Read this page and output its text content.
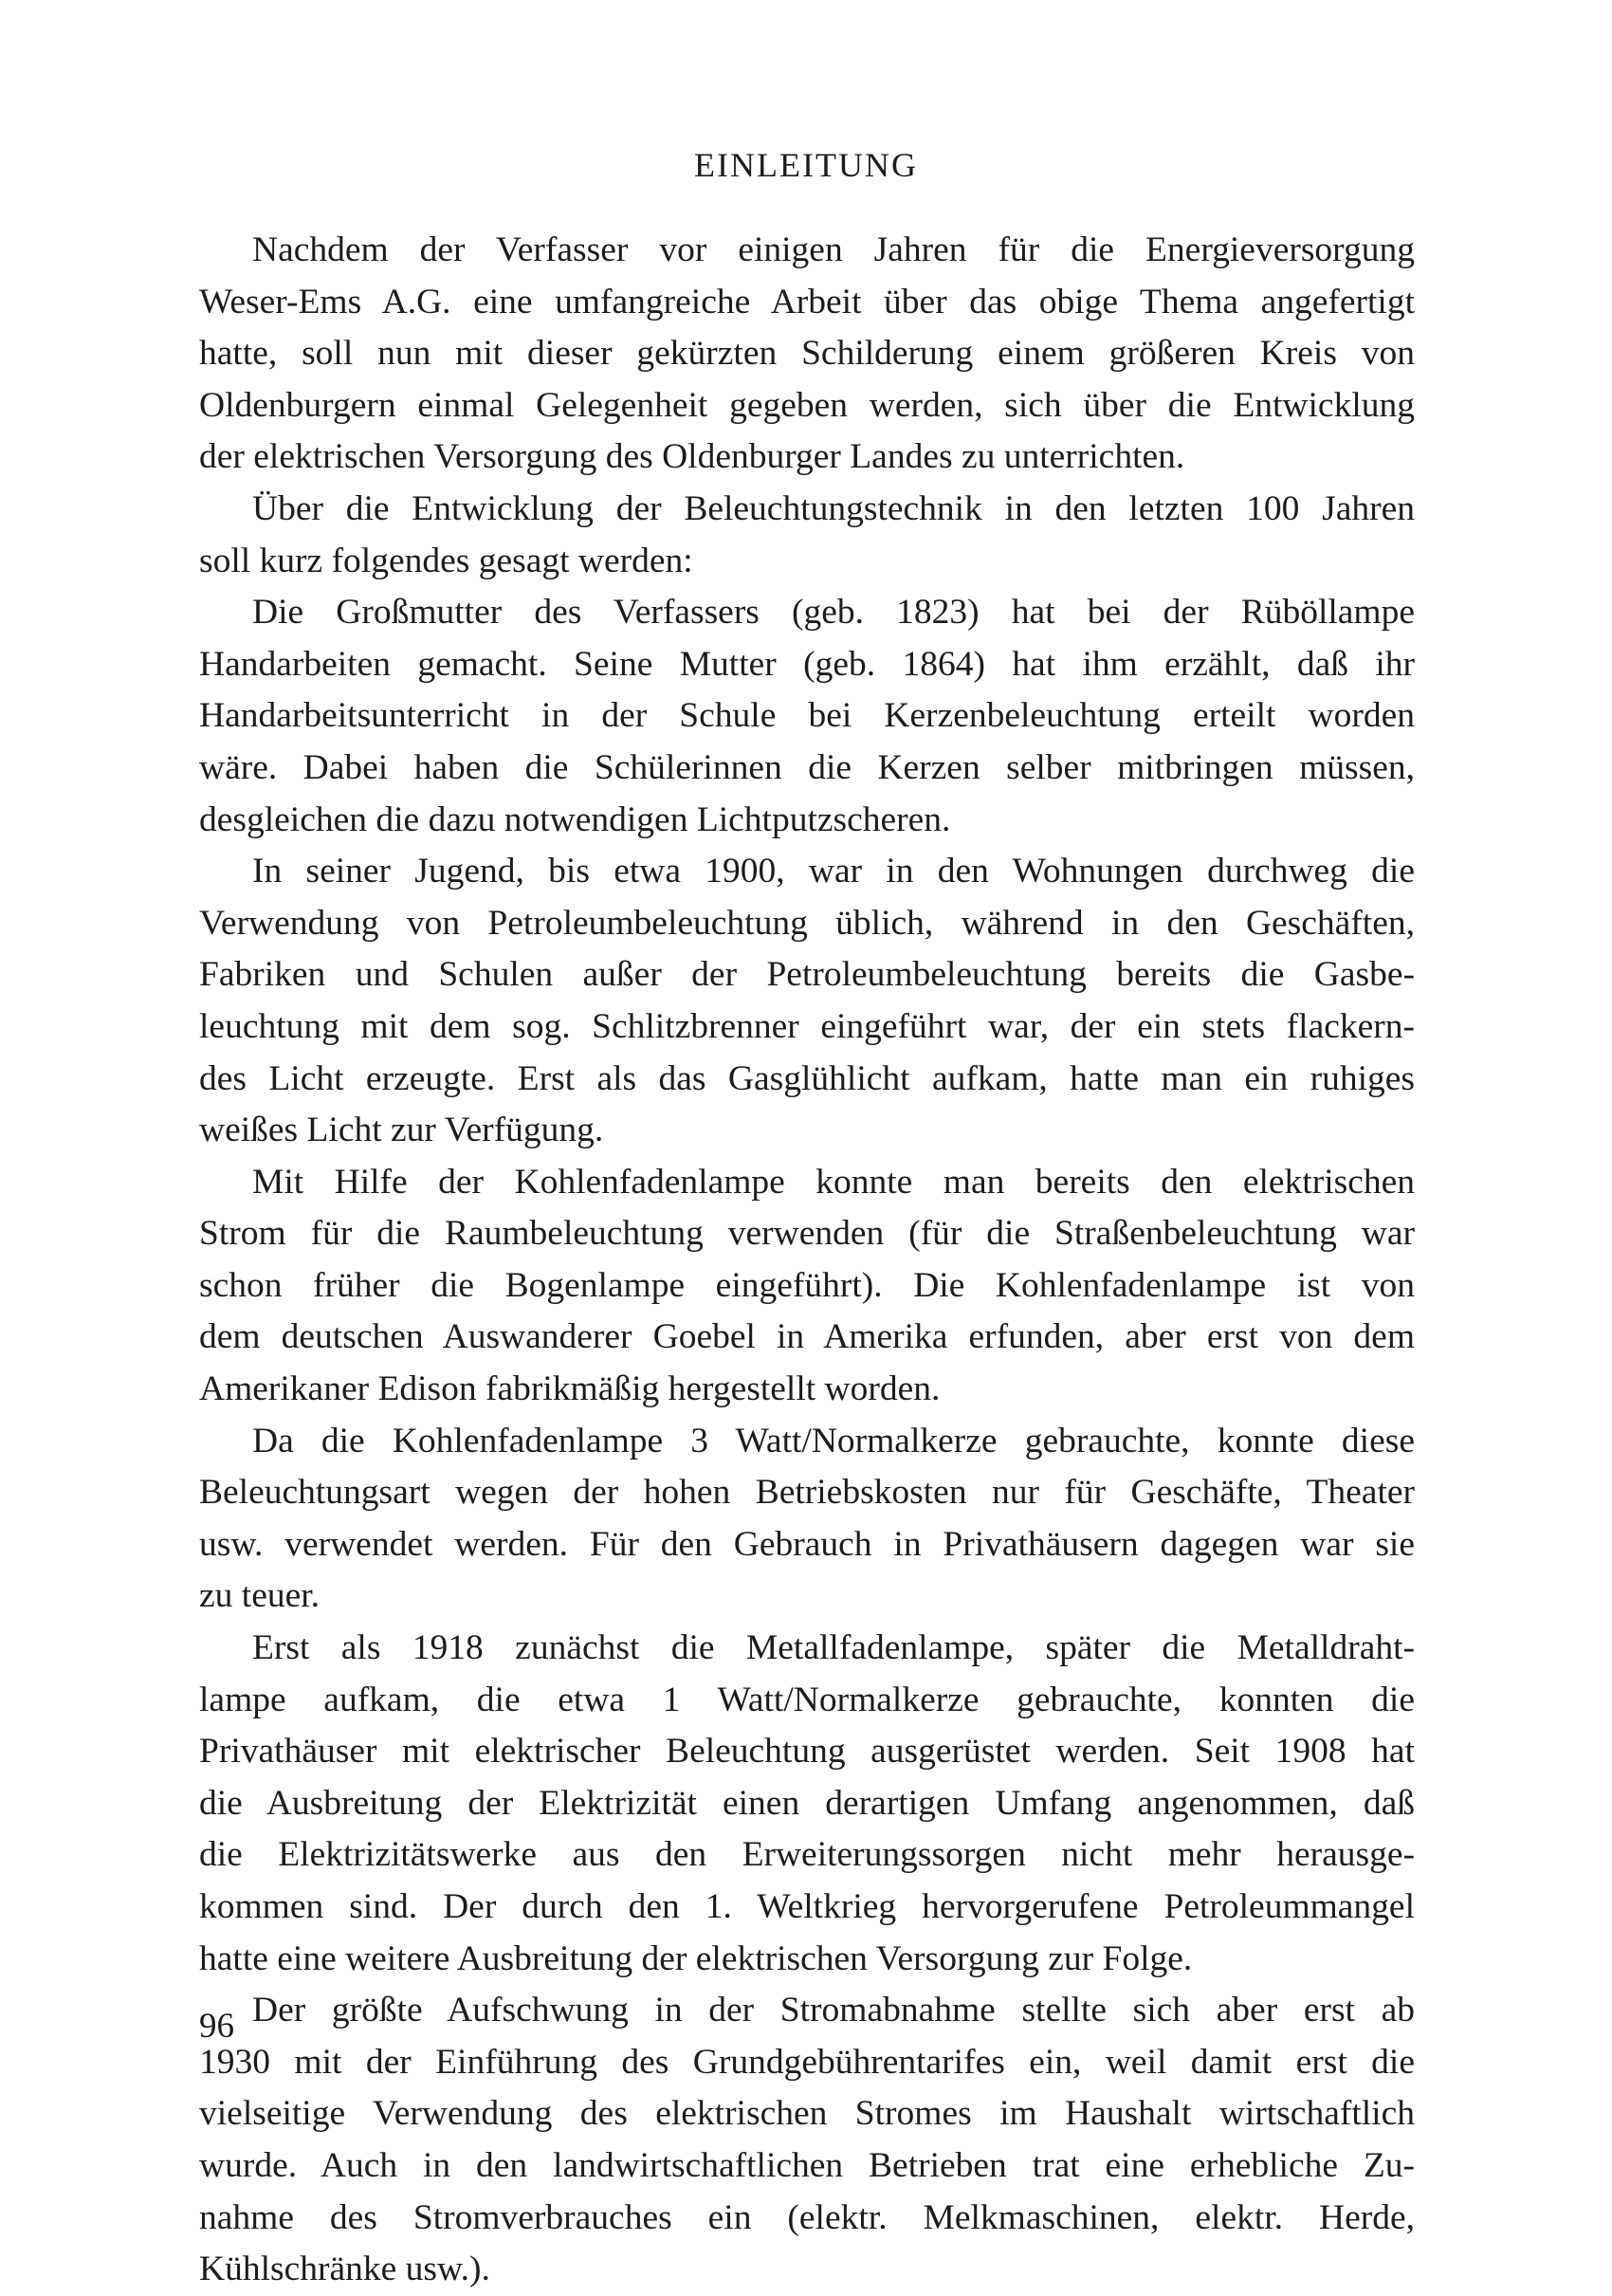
EINLEITUNG
Nachdem der Verfasser vor einigen Jahren für die Energieversorgung
Weser-Ems A.G. eine umfangreiche Arbeit über das obige Thema angefertigt
hatte, soll nun mit dieser gekürzten Schilderung einem größeren Kreis von
Oldenburgern einmal Gelegenheit gegeben werden, sich über die Entwicklung
der elektrischen Versorgung des Oldenburger Landes zu unterrichten.
Über die Entwicklung der Beleuchtungstechnik in den letzten 100 Jahren
soll kurz folgendes gesagt werden:
Die Großmutter des Verfassers (geb. 1823) hat bei der Rüböllampe
Handarbeiten gemacht. Seine Mutter (geb. 1864) hat ihm erzählt, daß ihr
Handarbeitsunterricht in der Schule bei Kerzenbeleuchtung erteilt worden
wäre. Dabei haben die Schülerinnen die Kerzen selber mitbringen müssen,
desgleichen die dazu notwendigen Lichtputzscheren.
In seiner Jugend, bis etwa 1900, war in den Wohnungen durchweg die
Verwendung von Petroleumbeleuchtung üblich, während in den Geschäften,
Fabriken und Schulen außer der Petroleumbeleuchtung bereits die Gasbe-
leuchtung mit dem sog. Schlitzbrenner eingeführt war, der ein stets flackern-
des Licht erzeugte. Erst als das Gasglühlicht aufkam, hatte man ein ruhiges
weißes Licht zur Verfügung.
Mit Hilfe der Kohlenfadenlampe konnte man bereits den elektrischen
Strom für die Raumbeleuchtung verwenden (für die Straßenbeleuchtung war
schon früher die Bogenlampe eingeführt). Die Kohlenfadenlampe ist von
dem deutschen Auswanderer Goebel in Amerika erfunden, aber erst von dem
Amerikaner Edison fabrikmäßig hergestellt worden.
Da die Kohlenfadenlampe 3 Watt/Normalkerze gebrauchte, konnte diese
Beleuchtungsart wegen der hohen Betriebskosten nur für Geschäfte, Theater
usw. verwendet werden. Für den Gebrauch in Privathäusern dagegen war sie
zu teuer.
Erst als 1918 zunächst die Metallfadenlampe, später die Metalldraht-
lampe aufkam, die etwa 1 Watt/Normalkerze gebrauchte, konnten die
Privathäuser mit elektrischer Beleuchtung ausgerüstet werden. Seit 1908 hat
die Ausbreitung der Elektrizität einen derartigen Umfang angenommen, daß
die Elektrizitätswerke aus den Erweiterungssorgen nicht mehr herausge-
kommen sind. Der durch den 1. Weltkrieg hervorgerufene Petroleummangel
hatte eine weitere Ausbreitung der elektrischen Versorgung zur Folge.
Der größte Aufschwung in der Stromabnahme stellte sich aber erst ab
1930 mit der Einführung des Grundgebührentarifes ein, weil damit erst die
vielseitige Verwendung des elektrischen Stromes im Haushalt wirtschaftlich
wurde. Auch in den landwirtschaftlichen Betrieben trat eine erhebliche Zu-
nahme des Stromverbrauches ein (elektr. Melkmaschinen, elektr. Herde,
Kühlschränke usw.).
96
